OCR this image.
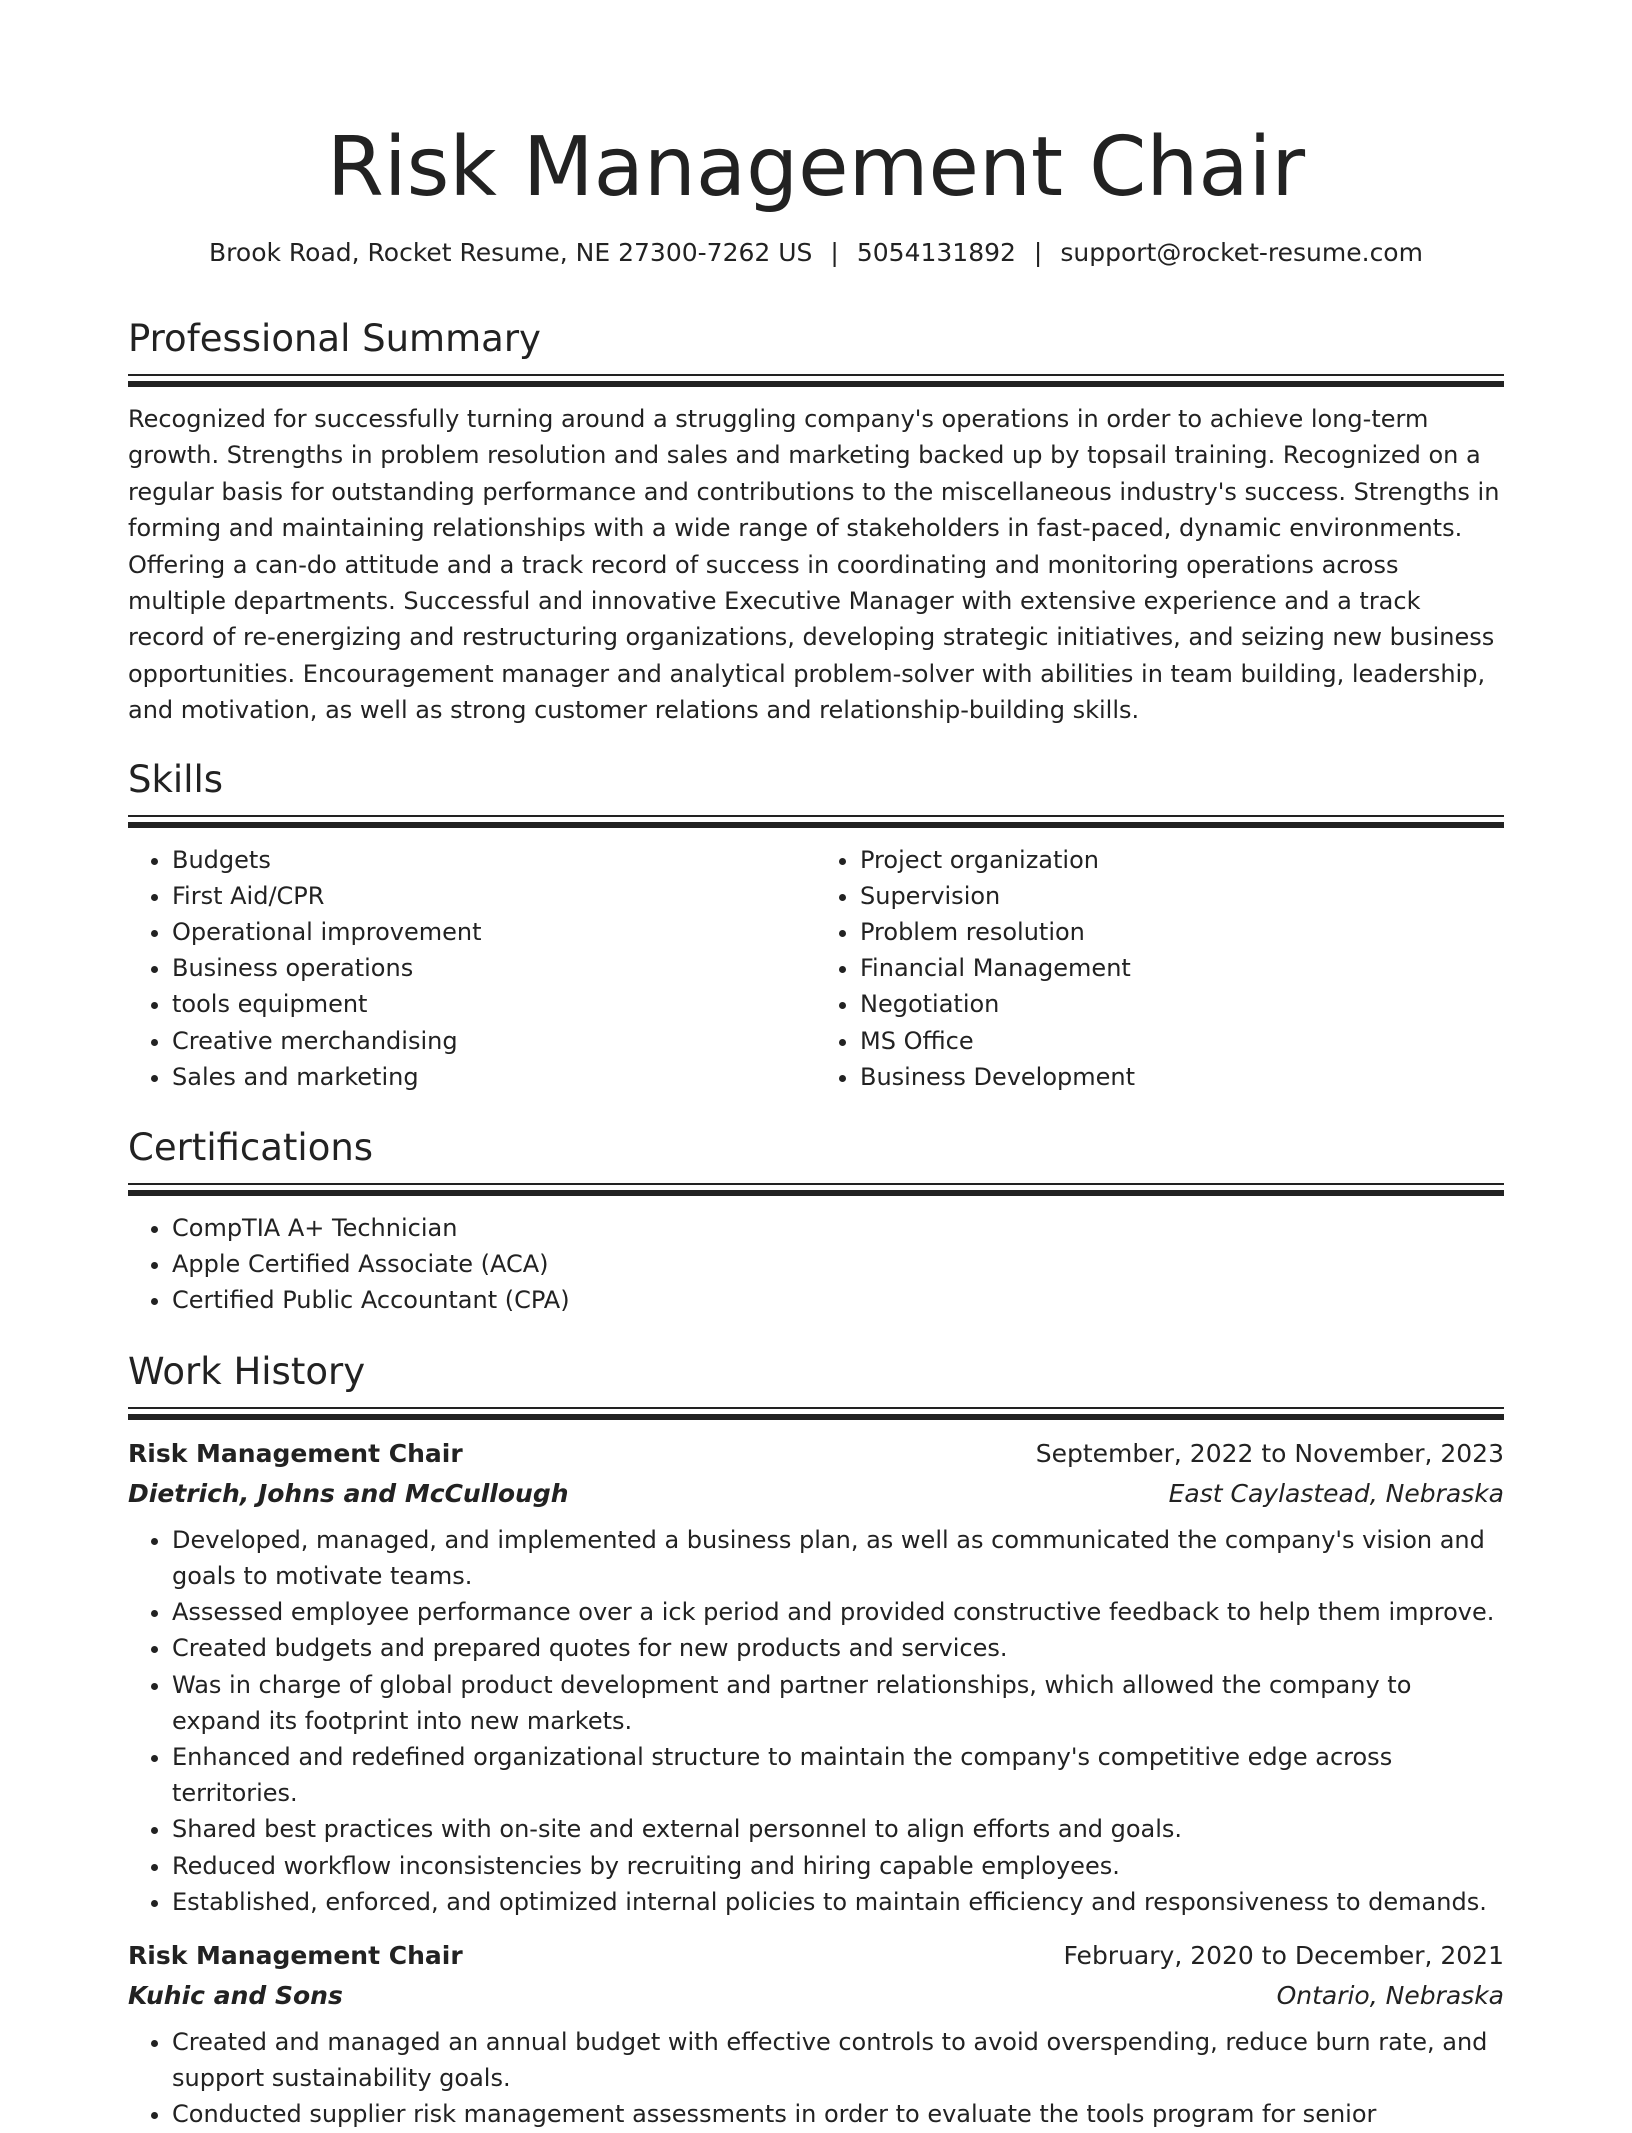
Risk Management Chair
Brook Road, Rocket Resume, NE 27300-7262 US | 5054131892 | support@rocket-resume.com
Professional Summary

Recognized for successfully turning around a struggling company's operations in order to achieve long-term growth. Strengths in problem resolution and sales and marketing backed up by topsail training. Recognized on a regular basis for outstanding performance and contributions to the miscellaneous industry's success. Strengths in forming and maintaining relationships with a wide range of stakeholders in fast-paced, dynamic environments. Offering a can-do attitude and a track record of success in coordinating and monitoring operations across multiple departments. Successful and innovative Executive Manager with extensive experience and a track record of re-energizing and restructuring organizations, developing strategic initiatives, and seizing new business opportunities. Encouragement manager and analytical problem-solver with abilities in team building, leadership, and motivation, as well as strong customer relations and relationship-building skills.

Skills
• Budgets
• First Aid/CPR
• Operational improvement
• Business operations
• tools equipment
• Creative merchandising
• Sales and marketing
• Project organization
• Supervision
• Problem resolution
• Financial Management
• Negotiation
• MS Office
• Business Development
Certifications
• CompTIA A+ Technician
• Apple Certified Associate (ACA)
• Certified Public Accountant (CPA)
Work History
Risk Management Chair	September, 2022 to November, 2023
Dietrich, Johns and McCullough	East Caylastead, Nebraska
• Developed, managed, and implemented a business plan, as well as communicated the company's vision and goals to motivate teams.
• Assessed employee performance over a ick period and provided constructive feedback to help them improve.
• Created budgets and prepared quotes for new products and services.
• Was in charge of global product development and partner relationships, which allowed the company to expand its footprint into new markets.
• Enhanced and redefined organizational structure to maintain the company's competitive edge across territories.
• Shared best practices with on-site and external personnel to align efforts and goals.
• Reduced workflow inconsistencies by recruiting and hiring capable employees.
• Established, enforced, and optimized internal policies to maintain efficiency and responsiveness to demands.
Risk Management Chair	February, 2020 to December, 2021
Kuhic and Sons	Ontario, Nebraska
• Created and managed an annual budget with effective controls to avoid overspending, reduce burn rate, and support sustainability goals.
• Conducted supplier risk management assessments in order to evaluate the tools program for senior
